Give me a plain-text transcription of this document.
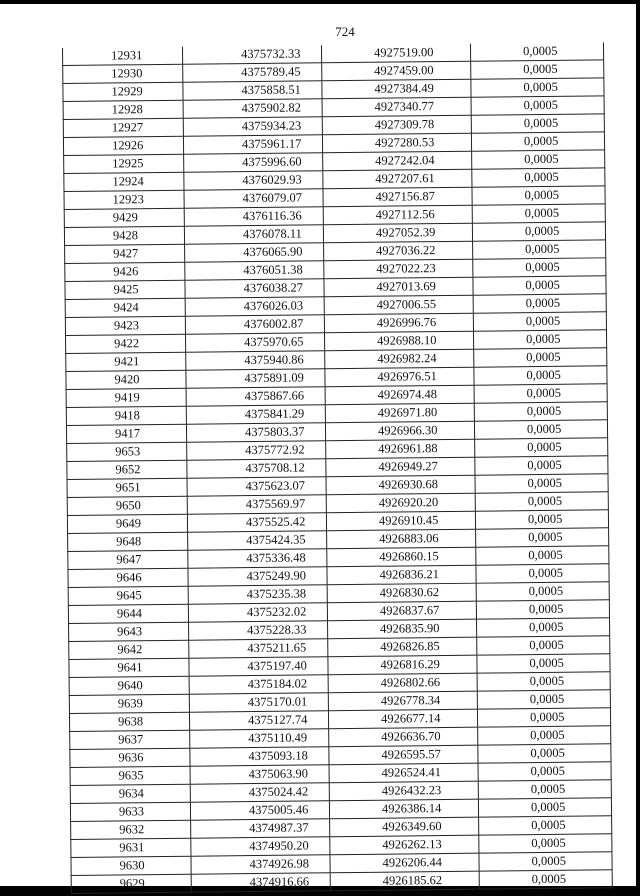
724
12931	4375732.33	4927519.00	0,0005
12930	4375789.45	4927459.00	0,0005
12929	4375858.51	4927384.49	0,0005
12928	4375902.82	4927340.77	0,0005
12927	4375934.23	4927309.78	0,0005
12926	4375961.17	4927280.53	0,0005
12925	4375996.60	4927242.04	0,0005
12924	4376029.93	4927207.61	0,0005
12923	4376079.07	4927156.87	0,0005
9429	4376116.36	4927112.56	0,0005
9428	4376078.11	4927052.39	0,0005
9427	4376065.90	4927036.22	0,0005
9426	4376051.38	4927022.23	0,0005
9425	4376038.27	4927013.69	0,0005
9424	4376026.03	4927006.55	0,0005
9423	4376002.87	4926996.76	0,0005
9422	4375970.65	4926988.10	0,0005
9421	4375940.86	4926982.24	0,0005
9420	4375891.09	4926976.51	0,0005
9419	4375867.66	4926974.48	0,0005
9418	4375841.29	4926971.80	0,0005
9417	4375803.37	4926966.30	0,0005
9653	4375772.92	4926961.88	0,0005
9652	4375708.12	4926949.27	0,0005
9651	4375623.07	4926930.68	0,0005
9650	4375569.97	4926920.20	0,0005
9649	4375525.42	4926910.45	0,0005
9648	4375424.35	4926883.06	0,0005
9647	4375336.48	4926860.15	0,0005
9646	4375249.90	4926836.21	0,0005
9645	4375235.38	4926830.62	0,0005
9644	4375232.02	4926837.67	0,0005
9643	4375228.33	4926835.90	0,0005
9642	4375211.65	4926826.85	0,0005
9641	4375197.40	4926816.29	0,0005
9640	4375184.02	4926802.66	0,0005
9639	4375170.01	4926778.34	0,0005
9638	4375127.74	4926677.14	0,0005
9637	4375110.49	4926636.70	0,0005
9636	4375093.18	4926595.57	0,0005
9635	4375063.90	4926524.41	0,0005
9634	4375024.42	4926432.23	0,0005
9633	4375005.46	4926386.14	0,0005
9632	4374987.37	4926349.60	0,0005
9631	4374950.20	4926262.13	0,0005
9630	4374926.98	4926206.44	0,0005
9629	4374916.66	4926185.62	0,0005
